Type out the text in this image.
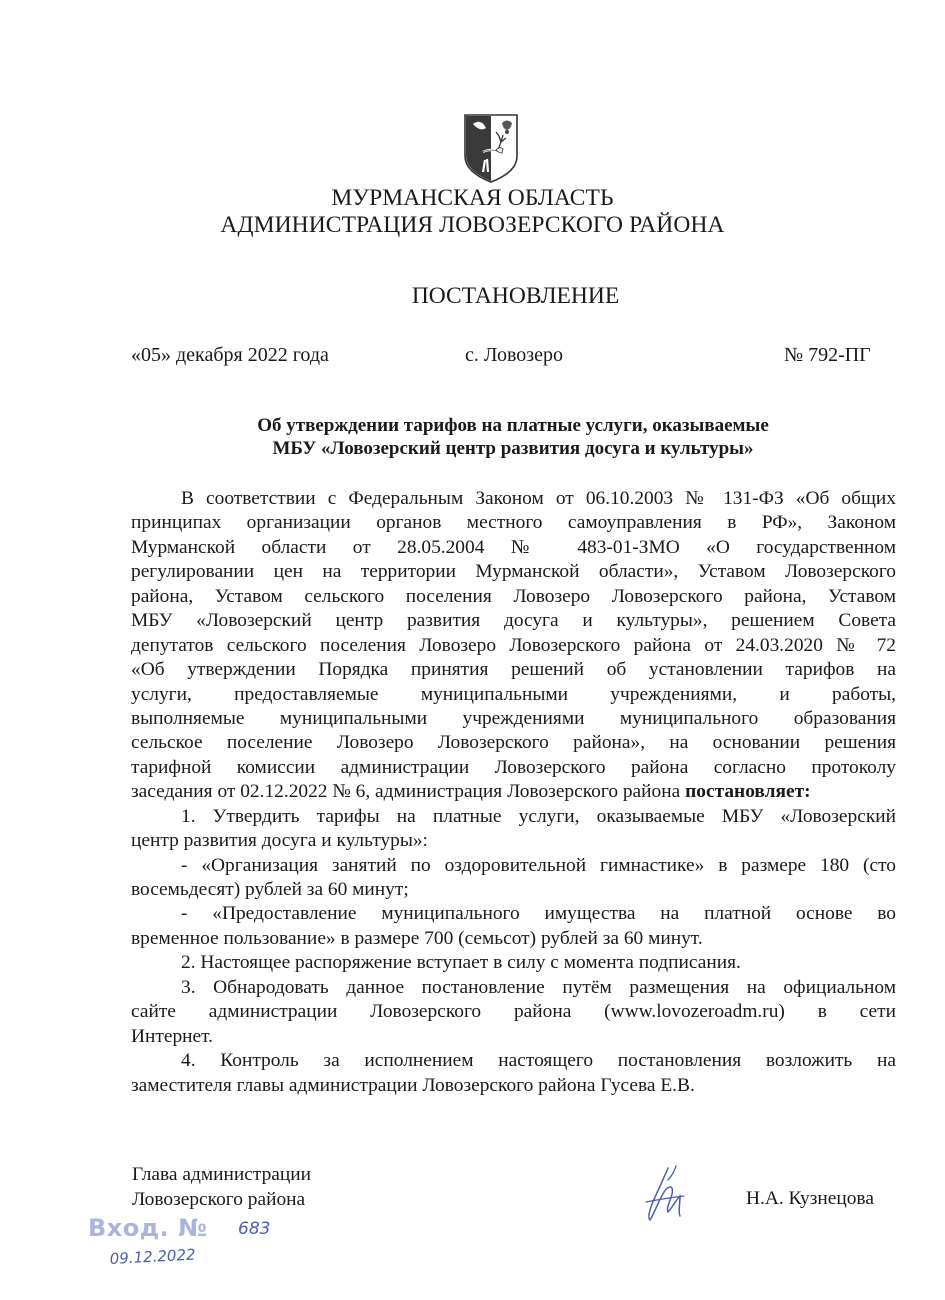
МУРМАНСКАЯ ОБЛАСТЬ
АДМИНИСТРАЦИЯ ЛОВОЗЕРСКОГО РАЙОНА
ПОСТАНОВЛЕНИЕ
«05» декабря 2022 года	с. Ловозеро	№ 792-ПГ
Об утверждении тарифов на платные услуги, оказываемые
МБУ «Ловозерский центр развития досуга и культуры»
В соответствии с Федеральным Законом от 06.10.2003 № 131-ФЗ «Об общих
принципах организации органов местного самоуправления в РФ», Законом
Мурманской области от 28.05.2004 № 483-01-ЗМО «О государственном
регулировании цен на территории Мурманской области», Уставом Ловозерского
района, Уставом сельского поселения Ловозеро Ловозерского района, Уставом
МБУ «Ловозерский центр развития досуга и культуры», решением Совета
депутатов сельского поселения Ловозеро Ловозерского района от 24.03.2020 № 72
«Об утверждении Порядка принятия решений об установлении тарифов на
услуги, предоставляемые муниципальными учреждениями, и работы,
выполняемые муниципальными учреждениями муниципального образования
сельское поселение Ловозеро Ловозерского района», на основании решения
тарифной комиссии администрации Ловозерского района согласно протоколу
заседания от 02.12.2022 № 6, администрация Ловозерского района постановляет:
1. Утвердить тарифы на платные услуги, оказываемые МБУ «Ловозерский
центр развития досуга и культуры»:
- «Организация занятий по оздоровительной гимнастике» в размере 180 (сто
восемьдесят) рублей за 60 минут;
- «Предоставление муниципального имущества на платной основе во
временное пользование» в размере 700 (семьсот) рублей за 60 минут.
2. Настоящее распоряжение вступает в силу с момента подписания.
3. Обнародовать данное постановление путём размещения на официальном
сайте администрации Ловозерского района (www.lovozeroadm.ru) в сети
Интернет.
4. Контроль за исполнением настоящего постановления возложить на
заместителя главы администрации Ловозерского района Гусева Е.В.
Глава администрации
Ловозерского района	Н.А. Кузнецова
Вход. № 683
09.12.2022
